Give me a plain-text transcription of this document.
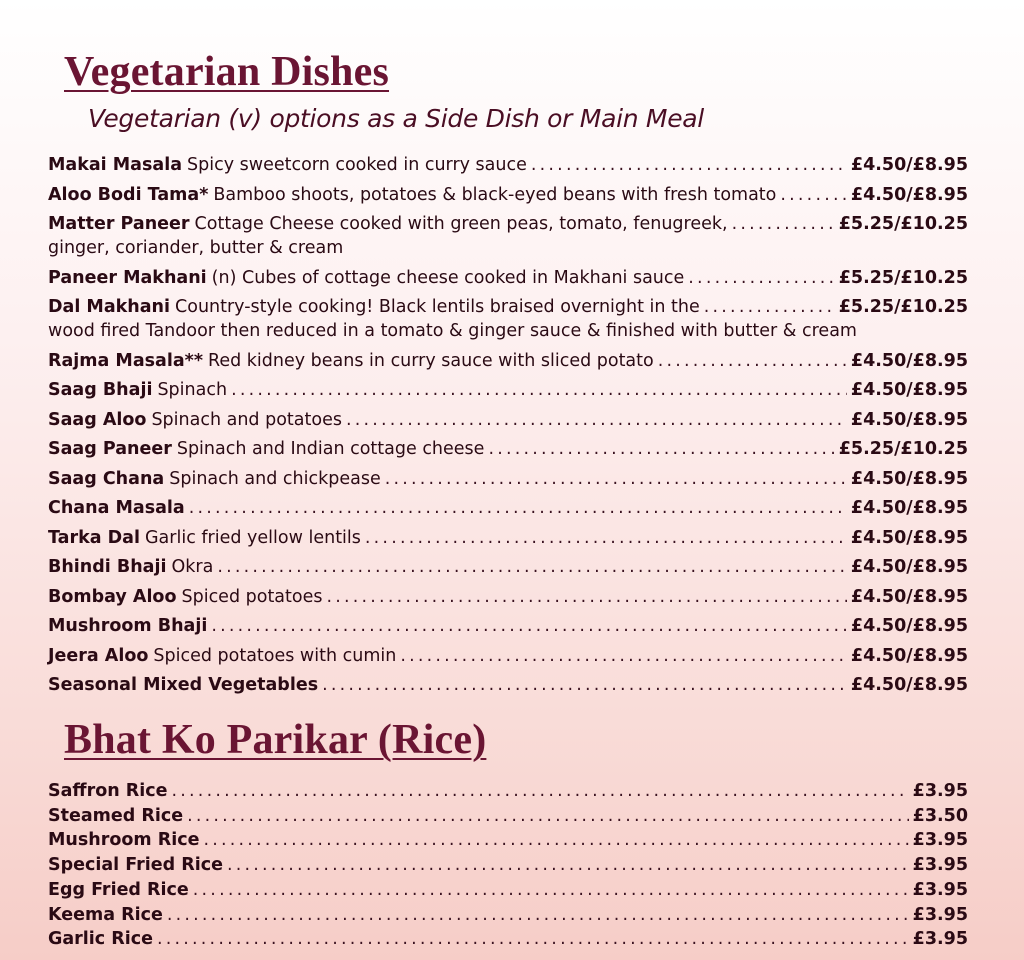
Vegetarian Dishes

Vegetarian (v) options as a Side Dish or Main Meal

Makai Masala Spicy sweetcorn cooked in curry sauce .....	£4.50/£8.95
Aloo Bodi Tama* Bamboo shoots, potatoes & black-eyed beans with fresh tomato .....	£4.50/£8.95
Matter Paneer Cottage Cheese cooked with green peas, tomato, fenugreek, .....	£5.25/£10.25
ginger, coriander, butter & cream
Paneer Makhani (n) Cubes of cottage cheese cooked in Makhani sauce .....	£5.25/£10.25
Dal Makhani Country-style cooking! Black lentils braised overnight in the .....	£5.25/£10.25
wood fired Tandoor then reduced in a tomato & ginger sauce & finished with butter & cream
Rajma Masala** Red kidney beans in curry sauce with sliced potato .....	£4.50/£8.95
Saag Bhaji Spinach .....	£4.50/£8.95
Saag Aloo Spinach and potatoes .....	£4.50/£8.95
Saag Paneer Spinach and Indian cottage cheese .....	£5.25/£10.25
Saag Chana Spinach and chickpease .....	£4.50/£8.95
Chana Masala .....	£4.50/£8.95
Tarka Dal Garlic fried yellow lentils .....	£4.50/£8.95
Bhindi Bhaji Okra .....	£4.50/£8.95
Bombay Aloo Spiced potatoes .....	£4.50/£8.95
Mushroom Bhaji .....	£4.50/£8.95
Jeera Aloo Spiced potatoes with cumin .....	£4.50/£8.95
Seasonal Mixed Vegetables .....	£4.50/£8.95
Bhat Ko Parikar (Rice)
Saffron Rice .....	£3.95
Steamed Rice .....	£3.50
Mushroom Rice .....	£3.95
Special Fried Rice .....	£3.95
Egg Fried Rice .....	£3.95
Keema Rice .....	£3.95
Garlic Rice .....	£3.95
